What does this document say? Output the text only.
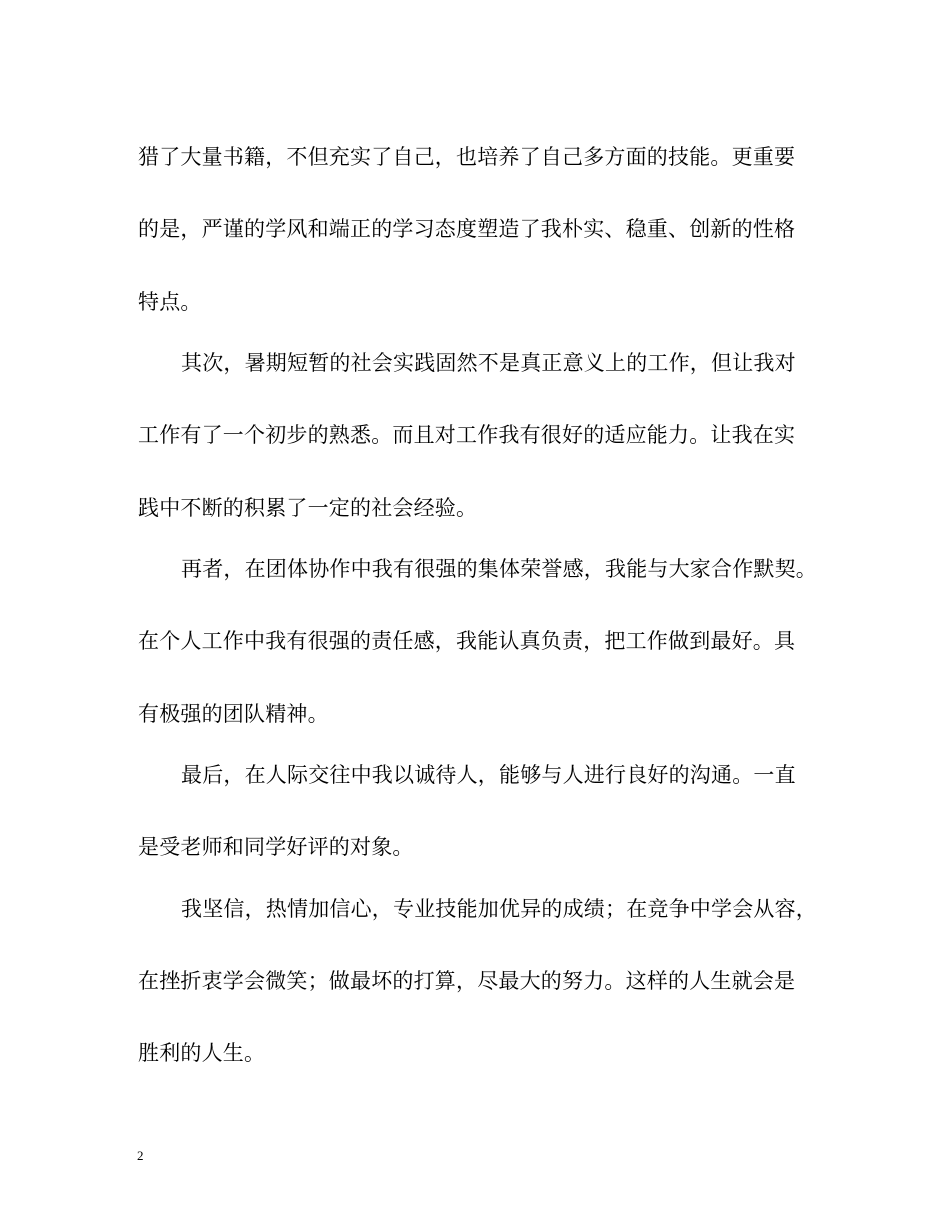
猎了大量书籍，不但充实了自己，也培养了自己多方面的技能。更重要
的是，严谨的学风和端正的学习态度塑造了我朴实、稳重、创新的性格
特点。
其次，暑期短暂的社会实践固然不是真正意义上的工作，但让我对
工作有了一个初步的熟悉。而且对工作我有很好的适应能力。让我在实
践中不断的积累了一定的社会经验。
再者，在团体协作中我有很强的集体荣誉感，我能与大家合作默契。
在个人工作中我有很强的责任感，我能认真负责，把工作做到最好。具
有极强的团队精神。
最后，在人际交往中我以诚待人，能够与人进行良好的沟通。一直
是受老师和同学好评的对象。
我坚信，热情加信心，专业技能加优异的成绩；在竞争中学会从容，
在挫折衷学会微笑；做最坏的打算，尽最大的努力。这样的人生就会是
胜利的人生。
2
